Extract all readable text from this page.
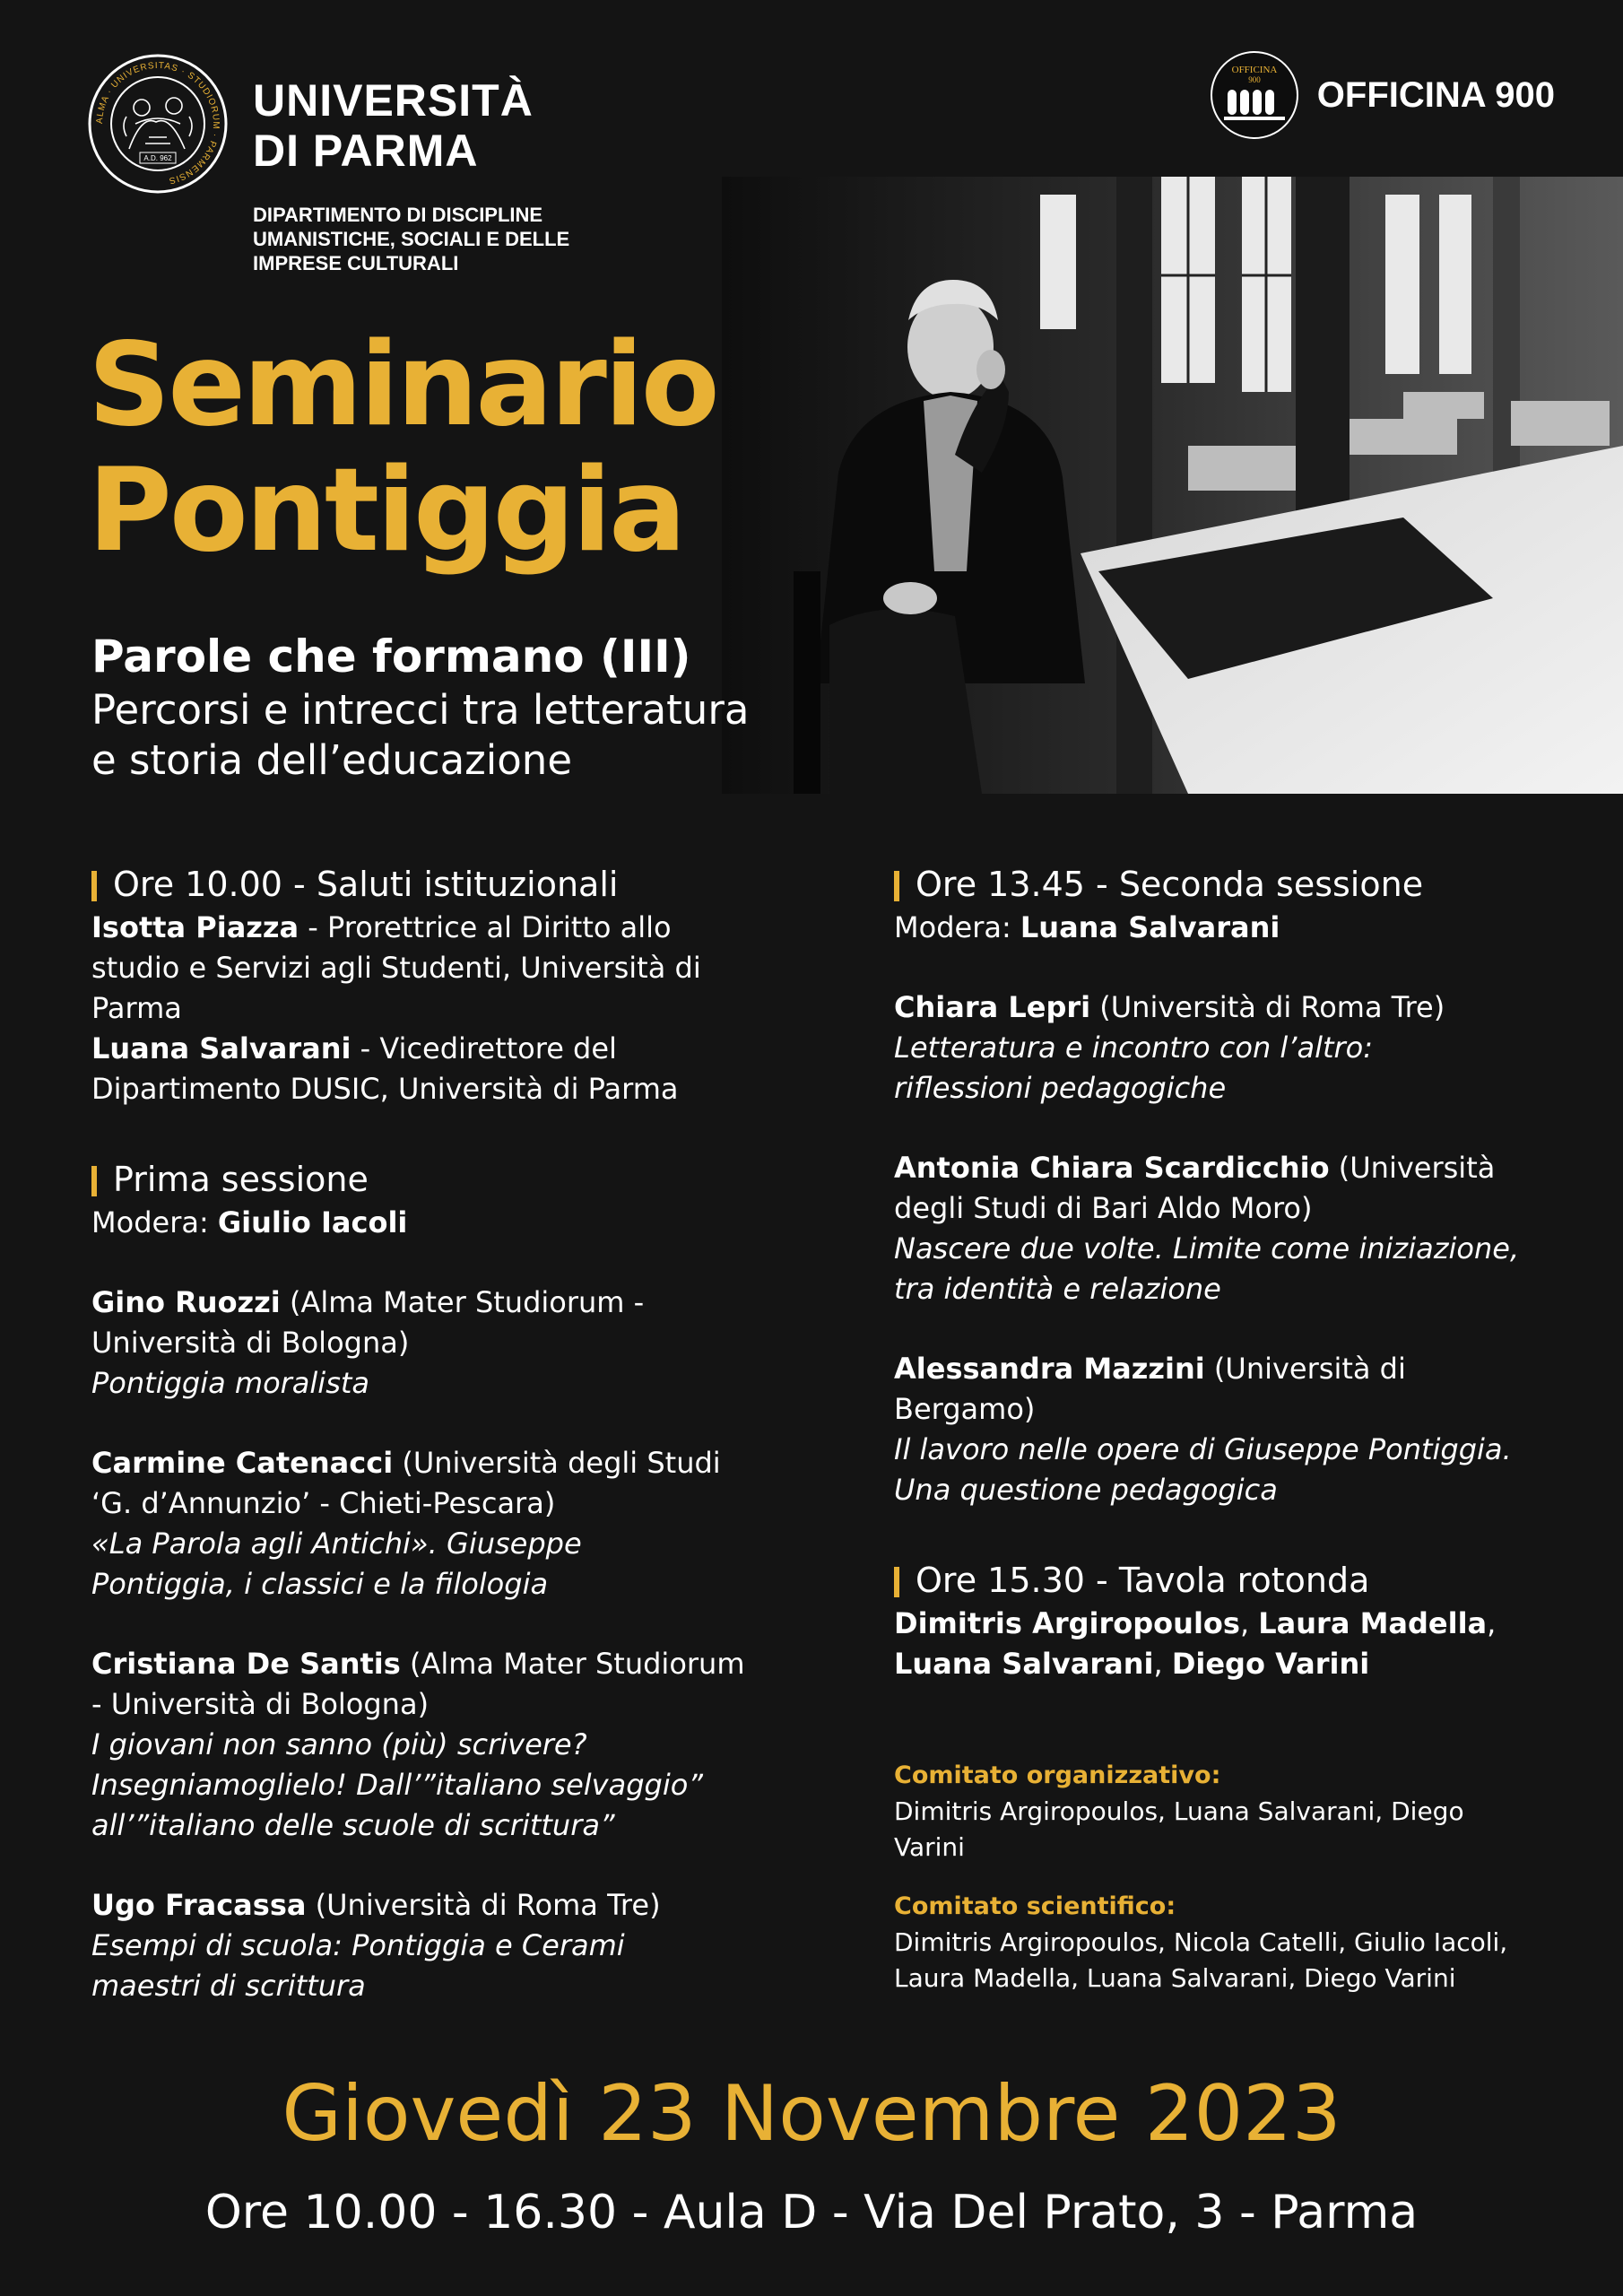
ALMA · UNIVERSITAS · STUDIORUM · PARMENSIS
A.D. 962
UNIVERSITÀ
DI PARMA
DIPARTIMENTO DI DISCIPLINE
UMANISTICHE, SOCIALI E DELLE
IMPRESE CULTURALI
OFFICINA
900 OFFICINA 900
Seminario
Pontiggia
Parole che formano (III)
Percorsi e intrecci tra letteratura
e storia dell’educazione
Ore 10.00 - Saluti istituzionali
Isotta Piazza - Prorettrice al Diritto allo
studio e Servizi agli Studenti, Università di
Parma
Luana Salvarani - Vicedirettore del
Dipartimento DUSIC, Università di Parma
Prima sessione
Modera: Giulio Iacoli
Gino Ruozzi (Alma Mater Studiorum -
Università di Bologna)
Pontiggia moralista
Carmine Catenacci (Università degli Studi
‘G. d’Annunzio’ - Chieti-Pescara)
«La Parola agli Antichi». Giuseppe
Pontiggia, i classici e la filologia
Cristiana De Santis (Alma Mater Studiorum
- Università di Bologna)
I giovani non sanno (più) scrivere?
Insegniamoglielo! Dall’”italiano selvaggio”
all’”italiano delle scuole di scrittura”
Ugo Fracassa (Università di Roma Tre)
Esempi di scuola: Pontiggia e Cerami
maestri di scrittura
Ore 13.45 - Seconda sessione
Modera: Luana Salvarani
Chiara Lepri (Università di Roma Tre)
Letteratura e incontro con l’altro:
riflessioni pedagogiche
Antonia Chiara Scardicchio (Università
degli Studi di Bari Aldo Moro)
Nascere due volte. Limite come iniziazione,
tra identità e relazione
Alessandra Mazzini (Università di
Bergamo)
Il lavoro nelle opere di Giuseppe Pontiggia.
Una questione pedagogica
Ore 15.30 - Tavola rotonda
Dimitris Argiropoulos, Laura Madella,
Luana Salvarani, Diego Varini
Comitato organizzativo:
Dimitris Argiropoulos, Luana Salvarani, Diego
Varini
Comitato scientifico:
Dimitris Argiropoulos, Nicola Catelli, Giulio Iacoli,
Laura Madella, Luana Salvarani, Diego Varini
Giovedì 23 Novembre 2023
Ore 10.00 - 16.30 - Aula D - Via Del Prato, 3 - Parma
